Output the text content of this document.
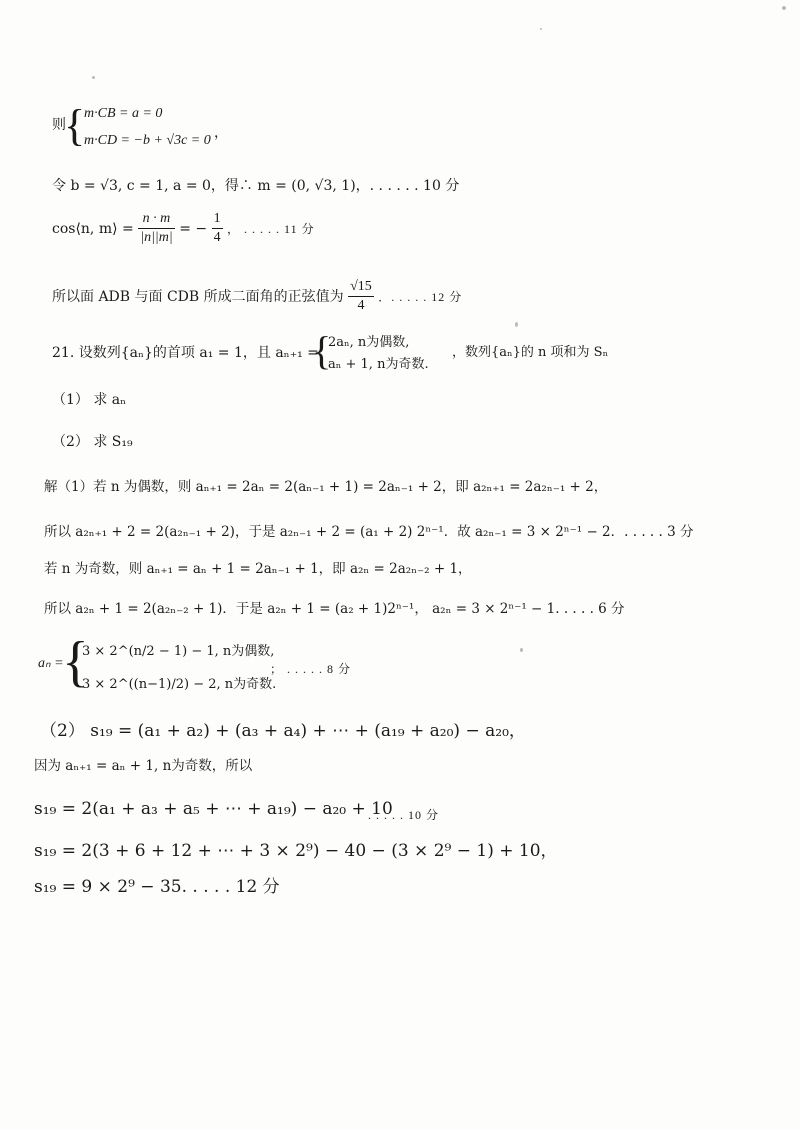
则
{
m·CB = a = 0
m·CD = −b + √3c = 0 ，
令 b = √3, c = 1, a = 0，得∴ m = (0, √3, 1)，. . . . . . 10 分
cos⟨n, m⟩ = $\frac{n \cdot m}{|n||m|}$ = − $\frac{1}{4}$ ， . . . . . 11 分
所以面 ADB 与面 CDB 所成二面角的正弦值为 $\frac{√15}{4}$ ．. . . . . 12 分
21. 设数列{aₙ}的首项 a₁ = 1，且 aₙ₊₁ =
{
2aₙ, n为偶数,
aₙ + 1, n为奇数.
，数列{aₙ}的 n 项和为 Sₙ
（1） 求 aₙ
（2） 求 S₁₉
解（1）若 n 为偶数，则 aₙ₊₁ = 2aₙ = 2(aₙ₋₁ + 1) = 2aₙ₋₁ + 2，即 a₂ₙ₊₁ = 2a₂ₙ₋₁ + 2，
所以 a₂ₙ₊₁ + 2 = 2(a₂ₙ₋₁ + 2)，于是 a₂ₙ₋₁ + 2 = (a₁ + 2) 2ⁿ⁻¹．故 a₂ₙ₋₁ = 3 × 2ⁿ⁻¹ − 2．. . . . . 3 分
若 n 为奇数，则 aₙ₊₁ = aₙ + 1 = 2aₙ₋₁ + 1，即 a₂ₙ = 2a₂ₙ₋₂ + 1，
所以 a₂ₙ + 1 = 2(a₂ₙ₋₂ + 1)．于是 a₂ₙ + 1 = (a₂ + 1)2ⁿ⁻¹， a₂ₙ = 3 × 2ⁿ⁻¹ − 1. . . . . 6 分
aₙ =
{
3 × 2^(n/2 − 1) − 1, n为偶数,
3 × 2^((n−1)/2) − 2, n为奇数.
； . . . . . 8 分
（2） s₁₉ = (a₁ + a₂) + (a₃ + a₄) + ⋯ + (a₁₉ + a₂₀) − a₂₀，
因为 aₙ₊₁ = aₙ + 1, n为奇数，所以
s₁₉ = 2(a₁ + a₃ + a₅ + ⋯ + a₁₉) − a₂₀ + 10
. . . . . 10 分
s₁₉ = 2(3 + 6 + 12 + ⋯ + 3 × 2⁹) − 40 − (3 × 2⁹ − 1) + 10，
s₁₉ = 9 × 2⁹ − 35. . . . . 12 分
